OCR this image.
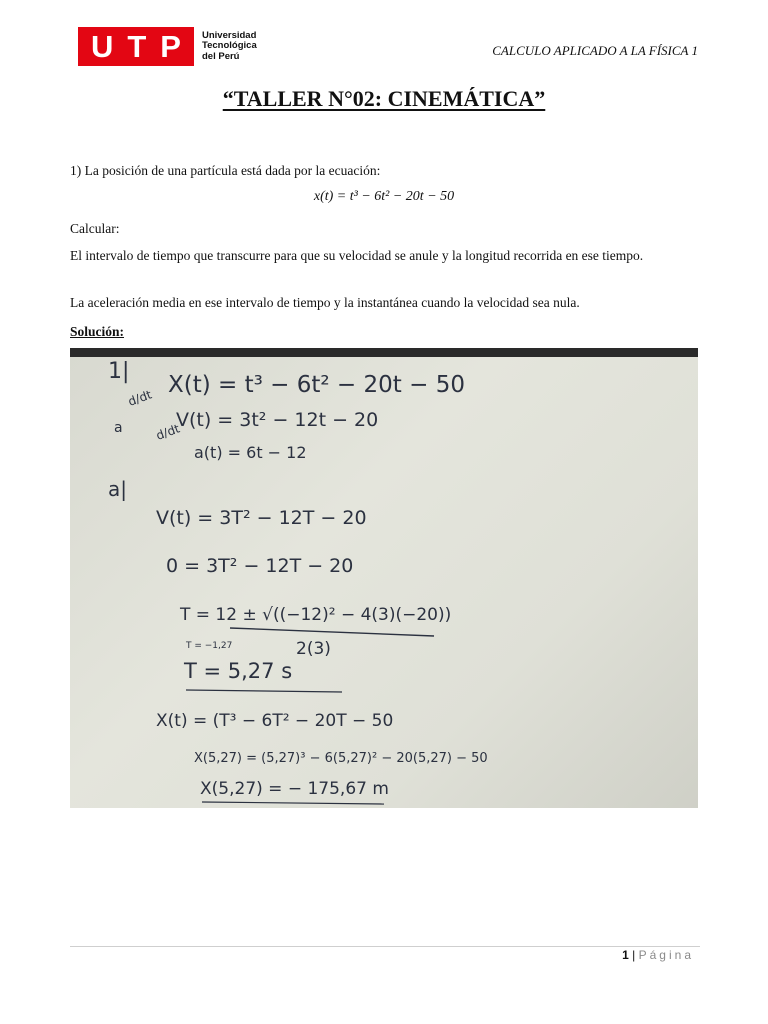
U T P Universidad
Tecnológica
del Perú	CALCULO APLICADO A LA FÍSICA 1
“TALLER N°02: CINEMÁTICA”
1) La posición de una partícula está dada por la ecuación:
x(t) = t³ − 6t² − 20t − 50
Calcular:
El intervalo de tiempo que transcurre para que su velocidad se anule y la longitud recorrida en ese tiempo.
La aceleración media en ese intervalo de tiempo y la instantánea cuando la velocidad sea nula.
Solución:
1|
d/dt
d/dt
a
X(t) = t³ − 6t² − 20t − 50
V(t) = 3t² − 12t − 20
a(t) = 6t − 12
a|
V(t) = 3T² − 12T − 20
0 = 3T² − 12T − 20
T = 12 ± √((−12)² − 4(3)(−20))
2(3)
T = −1,27
T = 5,27 s
X(t) = (T³ − 6T² − 20T − 50
X(5,27) = (5,27)³ − 6(5,27)² − 20(5,27) − 50
X(5,27) = − 175,67 m
1 | Página
